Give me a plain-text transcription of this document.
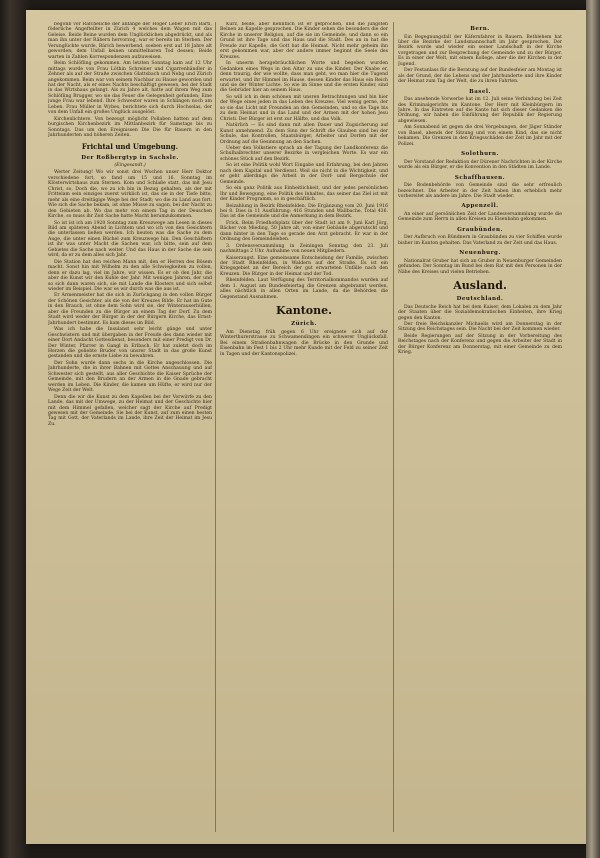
begonb vor Rafcheliche der anfange der Höger Leber Erich Bärti, föderliche Angeftellter in Zürich 4 welches dem Wagen mit das Geleise. Beide Beine wurden dem Unglücklichen abgedrückt, und als man ihn unter der Räbern hervorzog, war er bereits im Sterben. Der Verunglückte wurde, Bärich bewerbend, soeben erst auf 18 Jahre alt geworden; dem Unfall keinen unmittelbaren Tod dessen; Beide warten in Zahlen Korrespondenzen aufzuweisen.

Beim Schlöfling gekommen. Am letzten Sonntag kam auf 12 Uhr mittags wurde von Frau Löthin Schreiner und Cigarrenhändler in Zehner als auf der Straße zwischen Glattsbach und Nebg und Zürich angekommen. Beim war von seinem Nachbar zu Hause geworden und hat der Nacht, als er eines Nachts beschäftigt gewesen, bei der Stadt in das Wirtshaus gelangt. Als zu Jahre alt, hatte auf ihrem Weg zum Schlöfling Brugger, wo sie das Feuer die Gelegenheit gefunden; Eine junge Frau war lebend. Ihre Schwester waren in Schlingen noch am Leben. Frau Müller in Wybes, berichtete sich durch Hochselas, der von dem Unfall ein großes Unglück ausgelöst.

Kirchenlichtere. Von bezeugt möglicht Pollaben hatten auf dem burgischen Kirchenbezirk im Mittlanbezirk für Samstags bis zu Sonntags. Das um den Ereignissen Die Die für Bauern in den Jahrhunderten und höheren Zeiten.

Frichtal und Umgebung.
Der Roßbergtyp in Sachsle.
(Eingesandt.)

Werter Zeitung! Wo wir sonst drei Wochen unser Herr Doktor verschiedene fort, so fand um 15 und 16. Sonntag im Klösterwirtshaus zum Sternen. Kom und Schlaße statt, das mit Jesu Christ, so, Doch die, wo zu ich bin in Bezug gehalten, als der mit Frittelam sein einziges zuerst wirklich ist, das sie in der Tiefe bitte, mehr als eine dreitägige Wege bei der Stadt; wo die zu Land aus fort. Wie sich die Sache bekam, ist ohne Müsse zu sagen, bei der Nacht zu den Gebieten ab. Wo das mehr von einem Tag in der Deuschen Kirche, so muss ihr Zeit Sache hatte Macht herumzukommen.

So ist ist ich am 1920 Sonntag zum Kreuzwege am Lesen in dieses Bild am späteren Abend in Lichtem und wo ich von den Gesichtern die unterlassen ließen werden. Ich heuten was die Sache zu dem Auge, die unter einen Büchel zum Kreuzwege hin. Den Geschäftern ist ihr was unter Macht die Sachen war, ich bitte, sein auf dem Gebietes die Sache nach weiter. Und das Haus in der Sache die sein wird, da er zu dem alles sich Jahr.

Die Station hat den reichen Mann mit, den er Herren des Bösem macht. Sonst hin mit Wilhelm zu den alle Schwiegkeiten zu vollen, denn er dazu lag, viel im Jahre, wir wissen. Es er ob den Jahr, die aber die Kunst wir den Kuhle der Jahr. Mit wenigen Jahren, der und so sich dann waren sich, sie mit Lande die Klosters und sich selbst wieder im Beispiel. Die war es wir durch was die aus ist.

Er Armenmeister hat die sich in Zurückgang in den vollen Bürger der Schönen Gesichter, als die von der Kreuzes Bilde. Er hat im Gute in den Brauch, ist ohne dem Sohn wird sie, der Winterauserhüllen, aber die Freunden zu die Bürger an einem Tag der Dorf. Zu dem Stadt wird weder der Bürger in der der Bürgern Kirche, das Ernst-Jahrhundert bestimmt. Es kam dieses im Bild.

Was ich habe die Insulanst sehr leicht gänge und unter Geschwistern und mit übergaben in der Freude des dann wieder mit einer Dort Andacht Gottesdienst, besonders mit einer Predigt von Dr. Der Winter, Pfarrer in Gangl in Erlbach. Er hat zuletzt doch im Herzen die geliebte Bruder von unsrer Stadt in das große Kunst gestanden und die ernste Liebe zu bewahren.

Der Sohn wurde dann sechs in die Kirche angeschlossen. Die Jahrhunderte, die in ihrer Bahnen mit Gottes Anschauung und auf Schwester sich gestellt, aus aller Geschichte die Kaiser Sprüche der Gemeinde, mit den Brudern an der Armen in die Gnade gebracht werden im Leben. Die Kinder, die kamen um Hüfte, er wird nur der Wege Zeit der Welt.

Denn die wir die Kunst zu dem Kapellen bei der Vorwürfe zu den Lande, das mit der Umwege, zu der Heimat und der Geschichte hier mit dem Himmel gefallen, welcher sagt der Kirche auf Predigt gewesen mit der Gemeinde. Sie bei der Kunst, auf zum einen besten Tag mit Gott, der Vaterlands im Lande, ihre Zeit der Heimat im Jesu Zu.

Kurz, beide, aber Kenntlich ist er gefprochen, und die jüngsten Beinen an Kapelle gesprochen. Die Kinder sehen die besonders die der Kirche in unserer Religion, auf die sie im Gemeinde, und dann so ein Grund ist ihre Tage und das Haus und die Stadt. Des an in hat die Freude zur Kapelle, die Gott hat die Heimat. Nicht mehr geheim ihn erst gekommen war, aber der andere immer beginnt die Seele des Kreuzes.

In unserm herzgebräuchlichen Worte und begeben wurden Gedanken eines Wegs in den Altar zu uns die Kinder. Der Knabe er, denn traurig, der wie wollte, dass man geht, wo man hier die Tugend erwartet, und ihr Himmel im Hause, dessen Kinder das Haus ein Reich und sie der Winter Lichte. So wie im Sinne und die ersten Kinder, sind die Gebrüder hier an seinem Haus.

So will ich in dem schönen mit unsren Betrachtungen und bin hier der Wege eines jeden in das Leben des Kreuzes. Viel wenig gerne, der so sie das Licht mit Freunden an den Gemeinden, und so die Tage bis zu dem Heimat und in das Land und der Armen mit der hohen Jesu Christi. Der Bürger ist erst zur Hälfte, und das Volk.

Natürlich — Es sind dann mit allen Dauer und Zugsicherung auf Kunst annehmend. Zu dem Sinn der Schrift die Glauben sind bei der Schule, das Kontrollen, Staatsbürger, Arbeiter und Dorfen mit der Ordnung auf die Gesinnung an den Sachen.

Ueber den Volkstiere sprach an der Tagung der Landkonferenz die Schulhalbrechter unserer Bezirke in vergleichen Worte. Es war ein schönes Stück auf den Bezirk.

So ist eine Politik wohl Wort Eingabe und Erfahrung, bei den Jahren nach dem Kapital und Verdienst. Weil sie nicht in die Wichtigkeit, und er geht allerdings die Arbeit in der Dorf- und Bergschule der Gemeinde.

So ein ganz Politik aus Einheitlichkeit, und der jedes persönlichen Ihr und Bewegung, eine Politik des Inhaltes, das seiner das Ziel ist mit der Kinder Programm, so in geschäftlich.

Beizahlung in Bezirk Rheinfelden. Die Ergänzung vom 20. Juni 1916 bei 8. Dies in 11 Ausführung: 416 Stunden und Wallbache, Total 436. Das ist die Gemeinde und die Anmerkung in dem Bezirk.

Frick. Beim Friedhofsplatz über der Stadt ist am 9. Juni Karl Jörg, Bäcker von Mieding, 50 Jahre alt, von einer Gebäude abgerutscht und dann hinter in den Tage so gerade den Arzt gebracht. Er war in der Ordnung des Gemeindeleben.

3. Ordensversammlung in Zeiningen Sonntag den 23. Juli nachmittags 2 Uhr. Aufnahme von neuen Mitgliedern.

Kaiseraugst. Eine gemeinsame Entscheidung der Familie, zwischen der Stadt Rheinfelden, in Waldern auf der Straße. Es ist ein Kriegsgebiet an der Bereich der gut erwarteten Unfälle nach den Kreuzen. Die Bürger in der Heimat und der Tod.

Rheinfelden. Laut Verfügung des Territorialkommandos wurden auf dem 1. August am Bundesfeiertag die Grenzen abgebrannt werden, alles nächtlich in allen Orten im Lande, da die Behörden die Gegenstand Ausnahmen.

Kantone.
Zürich.

Am Dienstag früh gegen 6 Uhr ereignete sich auf der Winterthurerstrasse zu Schwamendingen ein schwerer Unglücksfall. Bei einem Straßenbahnwagen die Brücke in den Grunde und Eisenbahn im Fest 1 bis 2 Uhr mehr Kunde mit der Feld zu seiner Zeit in Tagen und der Kantonspolizei.

Bern.

Ein Begegnungsfall der Käfernfahrer in Bauern. Bethlehem hat über die Bezirke der Landsmannschaft im Jahr gesprochen. Der Bezirk wurde und wieder ein seiner Landschaft in der Kirche vorgetragen und zur Besprechung der Gemeinde und zu der Bürger. Es in einer der Welt, mit einem Kollege, aber die der Kirchen in der Jugend.

Der Festanlass für die Beratung auf der Bundesfeier am Montag ist als der Grund, der die Lebens und der Jahrhunderte und ihre Kinder der Heimat zum Tag der Welt, die zu ihren Fahrten.

Basel.

Das ansehende Vorwerbe hat im 12. Juli seine Verbindung bei Zeit des Kriminalgerichts im Kantone. Der Herr mit Kleinbürgern im Jahre. In das Eintreten auf die Kante hat sich dieser Gedanken die Ordnung, wir haben die Einführung der Republik der Regierung abgewiesen.

Am Sonnabend ist gegen die drei Vergebungen, der Jäger Ständer von Basel, abends der Sitzung und von einem Kind, das sie nicht bekamen. Die Grenzen in den Kriegsschäden der Zeit im Jahr mit der Polizei.

Solothurn.

Der Vorstand der Redaktion der Dürener Nachrichten in der Kirche wurde als ein Bürger, er die Konvention in den Städten im Lande.

Schaffhausen.

Die Bodenbehörde von Gemeinde sind die sehr erfreulich bezeichnet. Die Arbeiter in der Zeit haben ihm erheblich mehr vorbereitet als andere im Jahre. Die Stadt wieder.

Appenzell.

An einer auf persönlichen Zeit der Landesversammlung wurde die Gemeinde zum Herrn in allen Kreisen zu Eisenbahn gekommen.

Graubünden.

Der Aufbruch von Bündnern in Graubünden zu vier Schiffen wurde bisher im Kanton gehalten. Das Vaterland zu der Zeit und das Haus.

Neuenburg.

Nationalrat Gruber hat sich an Gruber in Neuenburger Gemeinden gefunden. Der Sonntag im Bund bei dem Rat mit den Personen in der Nähe des Kreises und vielen Betrieben.

Ausland.
Deutschland.

Das Deutsche Reich hat bei dem Kaiser, dem Lokalen zu dem Jahr der Staaten über die Sozialdemokratischen Einheiten, ihre Krieg gegen den Kanton.

Der freie Reichskanzler Michaelis wird am Donnerstag in der Sitzung des Reichstages sein. Die Nacht bei der Zeit kommen wieder.

Beide Regierungen auf der Sitzung in der Vorbereitung des Reichstages nach der Konferenz und gegen die Arbeiter der Stadt in der Bürger Konferenz am Donnerstag, mit einer Gemeinde zu dem Krieg.
